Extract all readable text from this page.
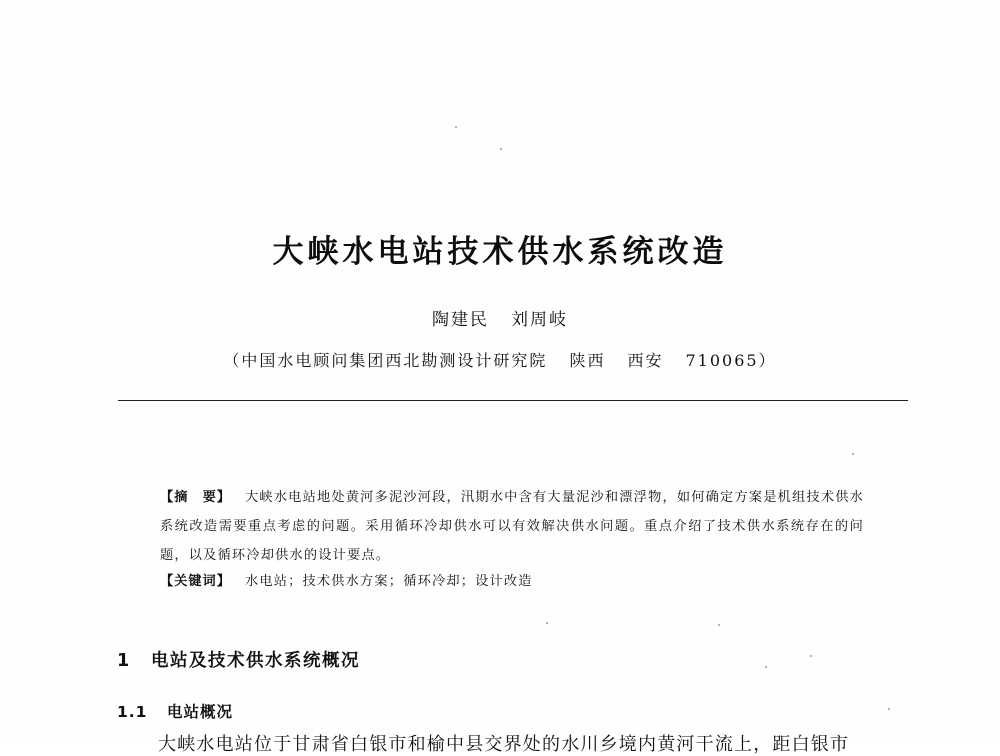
大峡水电站技术供水系统改造
陶建民 刘周岐
（中国水电顾问集团西北勘测设计研究院 陕西 西安 710065）
【摘　要】 大峡水电站地处黄河多泥沙河段，汛期水中含有大量泥沙和漂浮物，如何确定方案是机组技术供水系统改造需要重点考虑的问题。采用循环冷却供水可以有效解决供水问题。重点介绍了技术供水系统存在的问题，以及循环冷却供水的设计要点。
【关键词】 水电站；技术供水方案；循环冷却；设计改造
1 电站及技术供水系统概况
1.1 电站概况
大峡水电站位于甘肃省白银市和榆中县交界处的水川乡境内黄河干流上，距白银市
